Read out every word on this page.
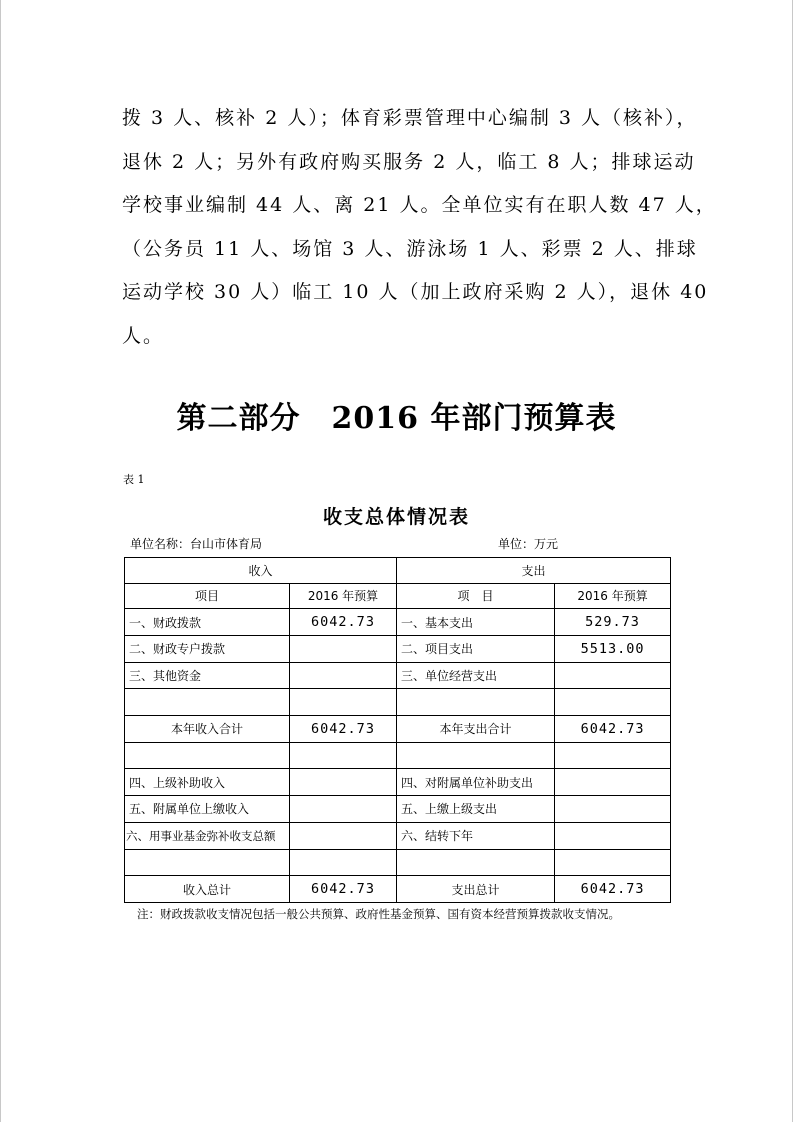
拨 3 人、核补 2 人）；体育彩票管理中心编制 3 人（核补），
退休 2 人；另外有政府购买服务 2 人，临工 8 人；排球运动
学校事业编制 44 人、离 21 人。全单位实有在职人数 47 人，
（公务员 11 人、场馆 3 人、游泳场 1 人、彩票 2 人、排球
运动学校 30 人）临工 10 人（加上政府采购 2 人），退休 40
人。
第二部分　2016 年部门预算表
表 1
收支总体情况表
单位名称：台山市体育局	单位：万元
收入		支出	
项目	2016 年预算	项　目	2016 年预算
一、财政拨款	6042.73	一、基本支出	529.73
二、财政专户拨款		二、项目支出	5513.00
三、其他资金		三、单位经营支出	

本年收入合计	6042.73	本年支出合计	6042.73

四、上级补助收入		四、对附属单位补助支出	
五、附属单位上缴收入		五、上缴上级支出	
六、用事业基金弥补收支总额		六、结转下年	

收入总计	6042.73	支出总计	6042.73
注：财政拨款收支情况包括一般公共预算、政府性基金预算、国有资本经营预算拨款收支情况。
